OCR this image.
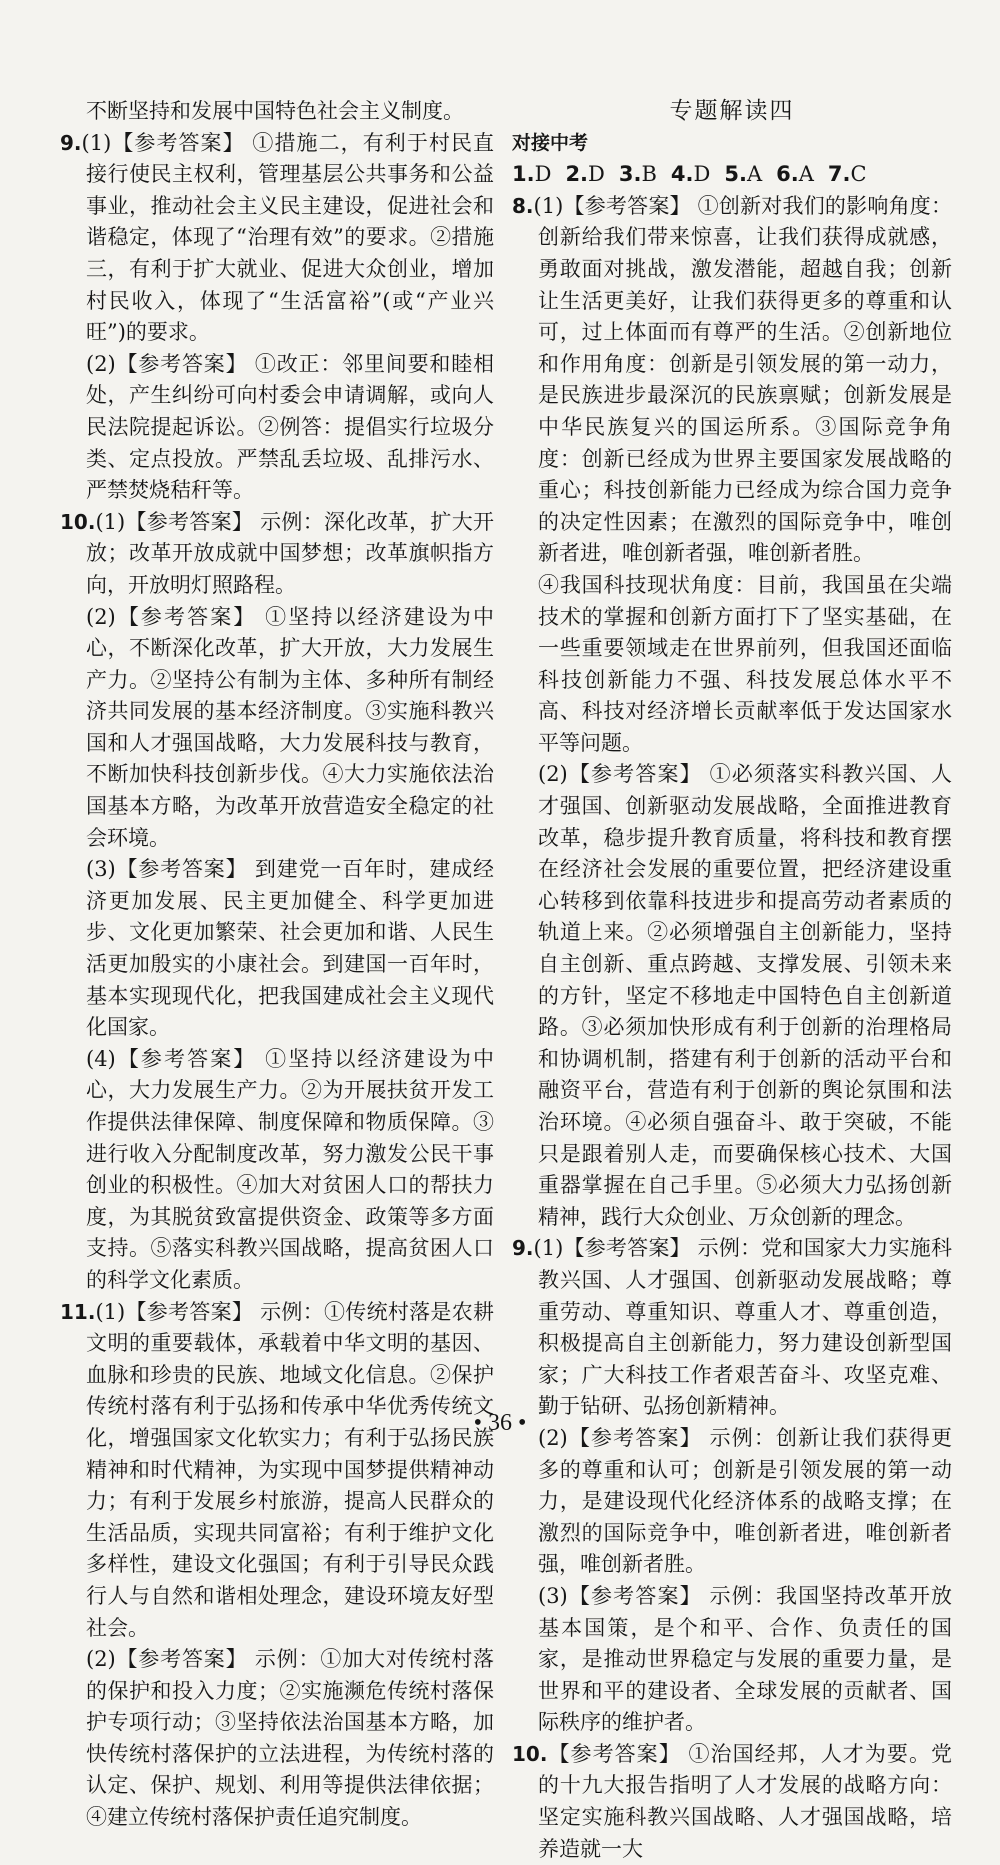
不断坚持和发展中国特色社会主义制度。

9.(1)【参考答案】 ①措施二，有利于村民直接行使民主权利，管理基层公共事务和公益事业，推动社会主义民主建设，促进社会和谐稳定，体现了“治理有效”的要求。②措施三，有利于扩大就业、促进大众创业，增加村民收入，体现了“生活富裕”(或“产业兴旺”)的要求。

(2)【参考答案】 ①改正：邻里间要和睦相处，产生纠纷可向村委会申请调解，或向人民法院提起诉讼。②例答：提倡实行垃圾分类、定点投放。严禁乱丢垃圾、乱排污水、严禁焚烧秸秆等。

10.(1)【参考答案】 示例：深化改革，扩大开放；改革开放成就中国梦想；改革旗帜指方向，开放明灯照路程。

(2)【参考答案】 ①坚持以经济建设为中心，不断深化改革，扩大开放，大力发展生产力。②坚持公有制为主体、多种所有制经济共同发展的基本经济制度。③实施科教兴国和人才强国战略，大力发展科技与教育，不断加快科技创新步伐。④大力实施依法治国基本方略，为改革开放营造安全稳定的社会环境。

(3)【参考答案】 到建党一百年时，建成经济更加发展、民主更加健全、科学更加进步、文化更加繁荣、社会更加和谐、人民生活更加殷实的小康社会。到建国一百年时，基本实现现代化，把我国建成社会主义现代化国家。

(4)【参考答案】 ①坚持以经济建设为中心，大力发展生产力。②为开展扶贫开发工作提供法律保障、制度保障和物质保障。③进行收入分配制度改革，努力激发公民干事创业的积极性。④加大对贫困人口的帮扶力度，为其脱贫致富提供资金、政策等多方面支持。⑤落实科教兴国战略，提高贫困人口的科学文化素质。

11.(1)【参考答案】 示例：①传统村落是农耕文明的重要载体，承载着中华文明的基因、血脉和珍贵的民族、地域文化信息。②保护传统村落有利于弘扬和传承中华优秀传统文化，增强国家文化软实力；有利于弘扬民族精神和时代精神，为实现中国梦提供精神动力；有利于发展乡村旅游，提高人民群众的生活品质，实现共同富裕；有利于维护文化多样性，建设文化强国；有利于引导民众践行人与自然和谐相处理念，建设环境友好型社会。

(2)【参考答案】 示例：①加大对传统村落的保护和投入力度；②实施濒危传统村落保护专项行动；③坚持依法治国基本方略，加快传统村落保护的立法进程，为传统村落的认定、保护、规划、利用等提供法律依据；④建立传统村落保护责任追究制度。

专题解读四

对接中考

1.D 2.D 3.B 4.D 5.A 6.A 7.C

8.(1)【参考答案】 ①创新对我们的影响角度：创新给我们带来惊喜，让我们获得成就感，勇敢面对挑战，激发潜能，超越自我；创新让生活更美好，让我们获得更多的尊重和认可，过上体面而有尊严的生活。②创新地位和作用角度：创新是引领发展的第一动力，是民族进步最深沉的民族禀赋；创新发展是中华民族复兴的国运所系。③国际竞争角度：创新已经成为世界主要国家发展战略的重心；科技创新能力已经成为综合国力竞争的决定性因素；在激烈的国际竞争中，唯创新者进，唯创新者强，唯创新者胜。

④我国科技现状角度：目前，我国虽在尖端技术的掌握和创新方面打下了坚实基础，在一些重要领域走在世界前列，但我国还面临科技创新能力不强、科技发展总体水平不高、科技对经济增长贡献率低于发达国家水平等问题。

(2)【参考答案】 ①必须落实科教兴国、人才强国、创新驱动发展战略，全面推进教育改革，稳步提升教育质量，将科技和教育摆在经济社会发展的重要位置，把经济建设重心转移到依靠科技进步和提高劳动者素质的轨道上来。②必须增强自主创新能力，坚持自主创新、重点跨越、支撑发展、引领未来的方针，坚定不移地走中国特色自主创新道路。③必须加快形成有利于创新的治理格局和协调机制，搭建有利于创新的活动平台和融资平台，营造有利于创新的舆论氛围和法治环境。④必须自强奋斗、敢于突破，不能只是跟着别人走，而要确保核心技术、大国重器掌握在自己手里。⑤必须大力弘扬创新精神，践行大众创业、万众创新的理念。

9.(1)【参考答案】 示例：党和国家大力实施科教兴国、人才强国、创新驱动发展战略；尊重劳动、尊重知识、尊重人才、尊重创造，积极提高自主创新能力，努力建设创新型国家；广大科技工作者艰苦奋斗、攻坚克难、勤于钻研、弘扬创新精神。

(2)【参考答案】 示例：创新让我们获得更多的尊重和认可；创新是引领发展的第一动力，是建设现代化经济体系的战略支撑；在激烈的国际竞争中，唯创新者进，唯创新者强，唯创新者胜。

(3)【参考答案】 示例：我国坚持改革开放基本国策，是个和平、合作、负责任的国家，是推动世界稳定与发展的重要力量，是世界和平的建设者、全球发展的贡献者、国际秩序的维护者。

10.【参考答案】 ①治国经邦，人才为要。党的十九大报告指明了人才发展的战略方向：坚定实施科教兴国战略、人才强国战略，培养造就一大

• 36 •
